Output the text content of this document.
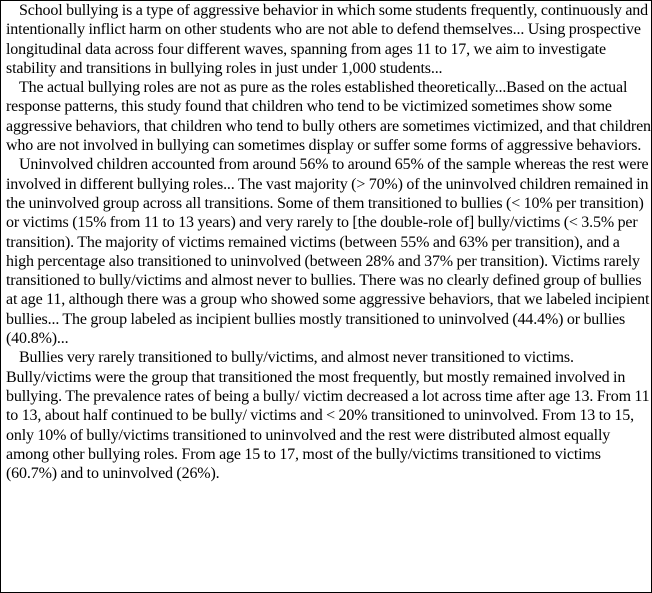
School bullying is a type of aggressive behavior in which some students frequently, continuously and intentionally inflict harm on other students who are not able to defend themselves... Using prospective longitudinal data across four different waves, spanning from ages 11 to 17, we aim to investigate stability and transitions in bullying roles in just under 1,000 students...

The actual bullying roles are not as pure as the roles established theoretically...Based on the actual response patterns, this study found that children who tend to be victimized sometimes show some aggressive behaviors, that children who tend to bully others are sometimes victimized, and that children who are not involved in bullying can sometimes display or suffer some forms of aggressive behaviors.

Uninvolved children accounted from around 56% to around 65% of the sample whereas the rest were involved in different bullying roles... The vast majority (> 70%) of the uninvolved children remained in the uninvolved group across all transitions. Some of them transitioned to bullies (< 10% per transition) or victims (15% from 11 to 13 years) and very rarely to [the double-role of] bully/victims (< 3.5% per transition). The majority of victims remained victims (between 55% and 63% per transition), and a high percentage also transitioned to uninvolved (between 28% and 37% per transition). Victims rarely transitioned to bully/victims and almost never to bullies. There was no clearly defined group of bullies at age 11, although there was a group who showed some aggressive behaviors, that we labeled incipient bullies... The group labeled as incipient bullies mostly transitioned to uninvolved (44.4%) or bullies (40.8%)...

Bullies very rarely transitioned to bully/victims, and almost never transitioned to victims. Bully/victims were the group that transitioned the most frequently, but mostly remained involved in bullying. The prevalence rates of being a bully/ victim decreased a lot across time after age 13. From 11 to 13, about half continued to be bully/ victims and < 20% transitioned to uninvolved. From 13 to 15, only 10% of bully/victims transitioned to uninvolved and the rest were distributed almost equally among other bullying roles. From age 15 to 17, most of the bully/victims transitioned to victims (60.7%) and to uninvolved (26%).
